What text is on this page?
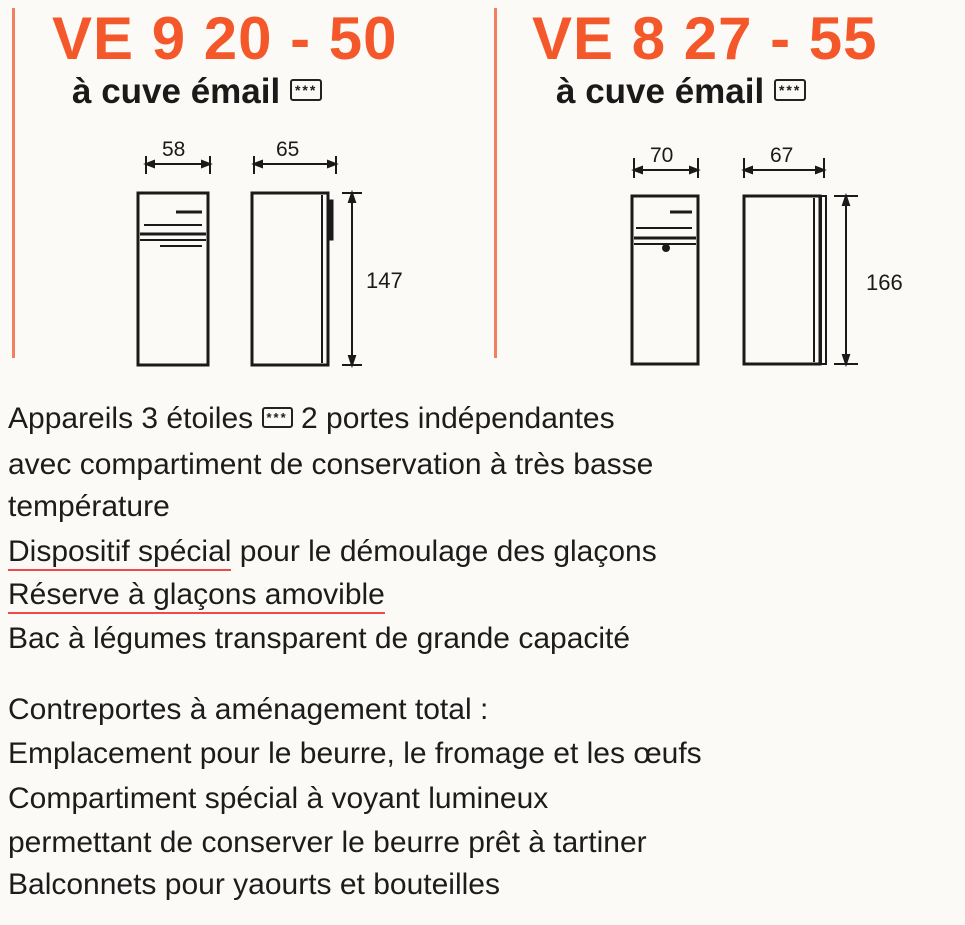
VE 9 20 - 50
à cuve émail ***
VE 8 27 - 55
à cuve émail ***
58	65
147
70	67
166
Appareils 3 étoiles *** 2 portes indépendantes
avec compartiment de conservation à très basse
température
Dispositif spécial pour le démoulage des glaçons
Réserve à glaçons amovible
Bac à légumes transparent de grande capacité
Contreportes à aménagement total :
Emplacement pour le beurre, le fromage et les œufs
Compartiment spécial à voyant lumineux
permettant de conserver le beurre prêt à tartiner
Balconnets pour yaourts et bouteilles
